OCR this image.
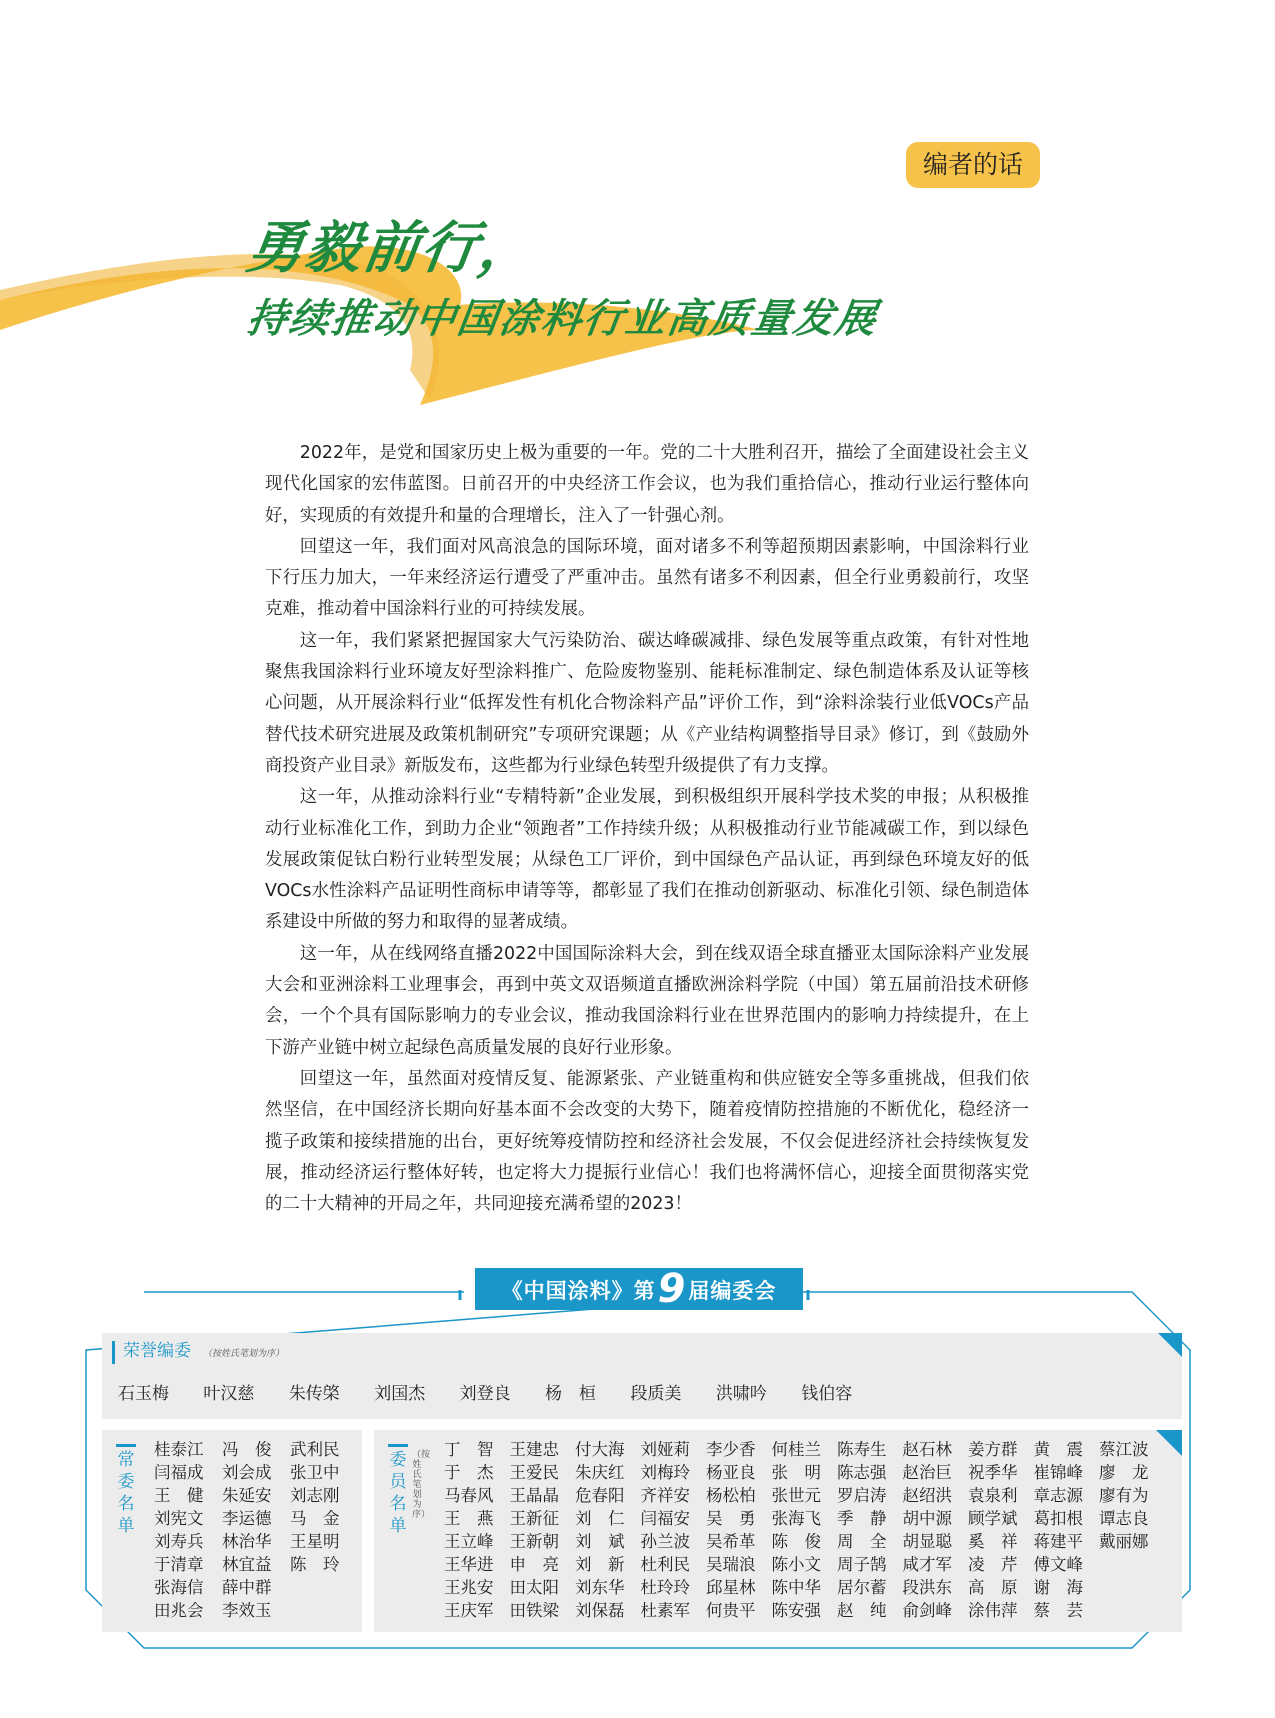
编者的话
勇毅前行，
持续推动中国涂料行业高质量发展

2022年，是党和国家历史上极为重要的一年。党的二十大胜利召开，描绘了全面建设社会主义现代化国家的宏伟蓝图。日前召开的中央经济工作会议，也为我们重拾信心，推动行业运行整体向好，实现质的有效提升和量的合理增长，注入了一针强心剂。

回望这一年，我们面对风高浪急的国际环境，面对诸多不利等超预期因素影响，中国涂料行业下行压力加大，一年来经济运行遭受了严重冲击。虽然有诸多不利因素，但全行业勇毅前行，攻坚克难，推动着中国涂料行业的可持续发展。

这一年，我们紧紧把握国家大气污染防治、碳达峰碳减排、绿色发展等重点政策，有针对性地聚焦我国涂料行业环境友好型涂料推广、危险废物鉴别、能耗标准制定、绿色制造体系及认证等核心问题，从开展涂料行业“低挥发性有机化合物涂料产品”评价工作，到“涂料涂装行业低VOCs产品替代技术研究进展及政策机制研究”专项研究课题；从《产业结构调整指导目录》修订，到《鼓励外商投资产业目录》新版发布，这些都为行业绿色转型升级提供了有力支撑。

这一年，从推动涂料行业“专精特新”企业发展，到积极组织开展科学技术奖的申报；从积极推动行业标准化工作，到助力企业“领跑者”工作持续升级；从积极推动行业节能减碳工作，到以绿色发展政策促钛白粉行业转型发展；从绿色工厂评价，到中国绿色产品认证，再到绿色环境友好的低VOCs水性涂料产品证明性商标申请等等，都彰显了我们在推动创新驱动、标准化引领、绿色制造体系建设中所做的努力和取得的显著成绩。

这一年，从在线网络直播2022中国国际涂料大会，到在线双语全球直播亚太国际涂料产业发展大会和亚洲涂料工业理事会，再到中英文双语频道直播欧洲涂料学院（中国）第五届前沿技术研修会，一个个具有国际影响力的专业会议，推动我国涂料行业在世界范围内的影响力持续提升，在上下游产业链中树立起绿色高质量发展的良好行业形象。

回望这一年，虽然面对疫情反复、能源紧张、产业链重构和供应链安全等多重挑战，但我们依然坚信，在中国经济长期向好基本面不会改变的大势下，随着疫情防控措施的不断优化，稳经济一揽子政策和接续措施的出台，更好统筹疫情防控和经济社会发展，不仅会促进经济社会持续恢复发展，推动经济运行整体好转，也定将大力提振行业信心！我们也将满怀信心，迎接全面贯彻落实党的二十大精神的开局之年，共同迎接充满希望的2023！

《中国涂料》第9届编委会
荣誉编委 （按姓氏笔划为序）
石玉梅 叶汉慈 朱传棨 刘国杰 刘登良 杨　桓 段质美 洪啸吟 钱伯容
常委名单
桂泰江
闫福成
王　健
刘宪文
刘寿兵
于清章
张海信
田兆会
冯　俊
刘会成
朱延安
李运德
林治华
林宜益
薛中群
李效玉
武利民
张卫中
刘志刚
马　金
王星明
陈　玲
委员名单
（按姓氏笔划为序）
丁　智
于　杰
马春风
王　燕
王立峰
王华进
王兆安
王庆军
王建忠
王爱民
王晶晶
王新征
王新朝
申　亮
田太阳
田铁梁
付大海
朱庆红
危春阳
刘　仁
刘　斌
刘　新
刘东华
刘保磊
刘娅莉
刘梅玲
齐祥安
闫福安
孙兰波
杜利民
杜玲玲
杜素军
李少香
杨亚良
杨松柏
吴　勇
吴希革
吴瑞浪
邱星林
何贵平
何桂兰
张　明
张世元
张海飞
陈　俊
陈小文
陈中华
陈安强
陈寿生
陈志强
罗启涛
季　静
周　全
周子鹄
居尔蓄
赵　纯
赵石林
赵治巨
赵绍洪
胡中源
胡显聪
咸才军
段洪东
俞剑峰
姜方群
祝季华
袁泉利
顾学斌
奚　祥
凌　芹
高　原
涂伟萍
黄　震
崔锦峰
章志源
葛扣根
蒋建平
傅文峰
谢　海
蔡　芸
蔡江波
廖　龙
廖有为
谭志良
戴丽娜
